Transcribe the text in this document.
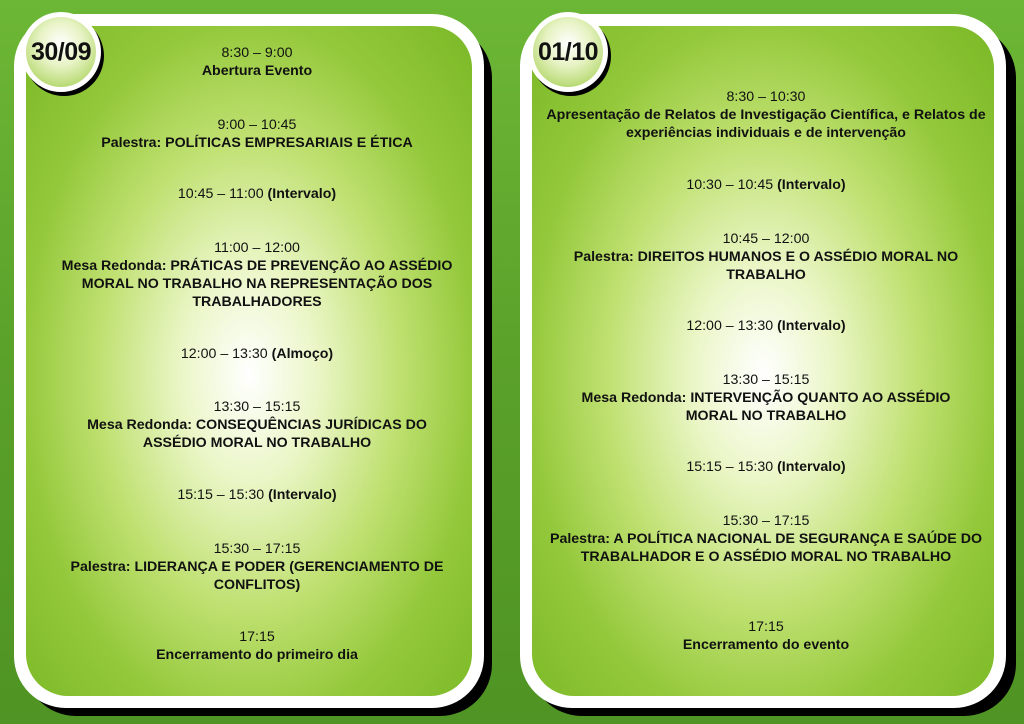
30/09	01/10
8:30 – 9:00
Abertura Evento
9:00 – 10:45
Palestra: POLÍTICAS EMPRESARIAIS E ÉTICA
10:45 – 11:00 (Intervalo)
11:00 – 12:00
Mesa Redonda: PRÁTICAS DE PREVENÇÃO AO ASSÉDIO MORAL NO TRABALHO NA REPRESENTAÇÃO DOS TRABALHADORES
12:00 – 13:30 (Almoço)
13:30 – 15:15
Mesa Redonda: CONSEQUÊNCIAS JURÍDICAS DO ASSÉDIO MORAL NO TRABALHO
15:15 – 15:30 (Intervalo)
15:30 – 17:15
Palestra: LIDERANÇA E PODER (GERENCIAMENTO DE CONFLITOS)
17:15
Encerramento do primeiro dia
8:30 – 10:30
Apresentação de Relatos de Investigação Científica, e Relatos de experiências individuais e de intervenção
10:30 – 10:45 (Intervalo)
10:45 – 12:00
Palestra: DIREITOS HUMANOS E O ASSÉDIO MORAL NO TRABALHO
12:00 – 13:30 (Intervalo)
13:30 – 15:15
Mesa Redonda: INTERVENÇÃO QUANTO AO ASSÉDIO MORAL NO TRABALHO
15:15 – 15:30 (Intervalo)
15:30 – 17:15
Palestra: A POLÍTICA NACIONAL DE SEGURANÇA E SAÚDE DO TRABALHADOR E O ASSÉDIO MORAL NO TRABALHO
17:15
Encerramento do evento
